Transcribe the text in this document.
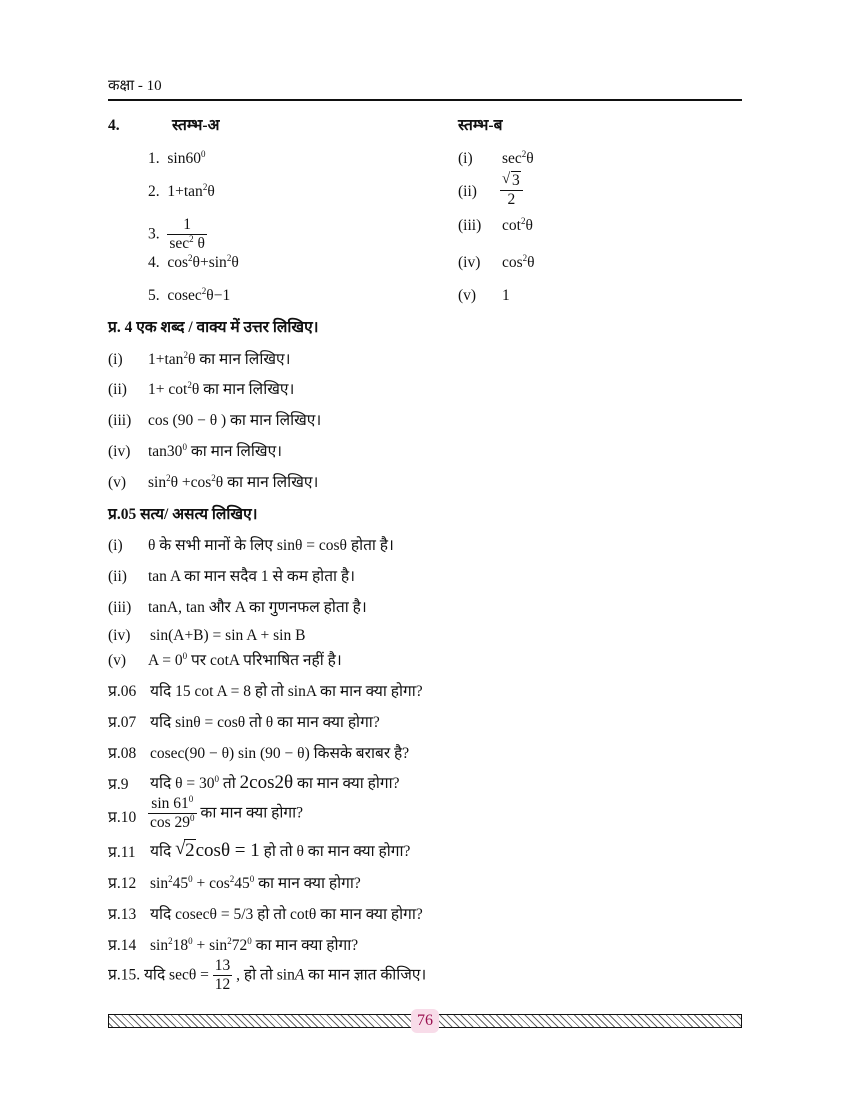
कक्षा - 10
4.	स्तम्भ-अ	स्तम्भ-ब
1. $\sin 60^0$
2. $1+\tan^2\theta$
3. $\frac{1}{\sec^2 \theta}$
4. $\cos^2\theta+\sin^2\theta$
5. cosec$^2$θ−1
(i) $\sec^2\theta$
$(ii) \frac{√ 3}{2}$
(iii) $\cot^2\theta$
(iv) $\cos^2\theta$
(v) 1
प्र. 4 एक शब्द / वाक्य में उत्तर लिखिए।
(i) $1+\tan^2\theta$ का मान लिखिए।
(ii) $1+ \cot^2\theta$ का मान लिखिए।
(iii) cos (90 − θ ) का मान लिखिए।
(iv) $\tan 30^0$ का मान लिखिए।
(v) $\sin^2\theta +\cos^2\theta$ का मान लिखिए।
प्र.05 सत्य/ असत्य लिखिए।
(i) θ के सभी मानों के लिए sinθ = cosθ होता है।
(ii) tan A का मान सदैव 1 से कम होता है।
(iii) tanA, tan और A का गुणनफल होता है।
(iv) sin(A+B) = sin A + sin B
(v) $A = 0^0$ पर cotA परिभाषित नहीं है।
प्र.06 यदि 15 cot A = 8 हो तो sinA का मान क्या होगा?
प्र.07 यदि sinθ = cosθ तो θ का मान क्या होगा?
प्र.08 cosec(90 − θ) sin (90 − θ) किसके बराबर है?
प्र.9 यदि $\theta = 30^0$ तो 2cos2θ का मान क्या होगा?
प्र.10 $\frac{\sin 61^0}{\cos 29^0}$ का मान क्या होगा?
प्र.11 यदि √ 2cosθ = 1 हो तो θ का मान क्या होगा?
प्र.12 $\sin^245^0 + \cos^245^0$ का मान क्या होगा?
प्र.13 यदि cosecθ = 5/3 हो तो cotθ का मान क्या होगा?
प्र.14 $\sin^218^0 + \sin^272^0$ का मान क्या होगा?
प्र.15. यदि $\sec\theta = \frac{13}{12}$ , हो तो sinA का मान ज्ञात कीजिए।
76
